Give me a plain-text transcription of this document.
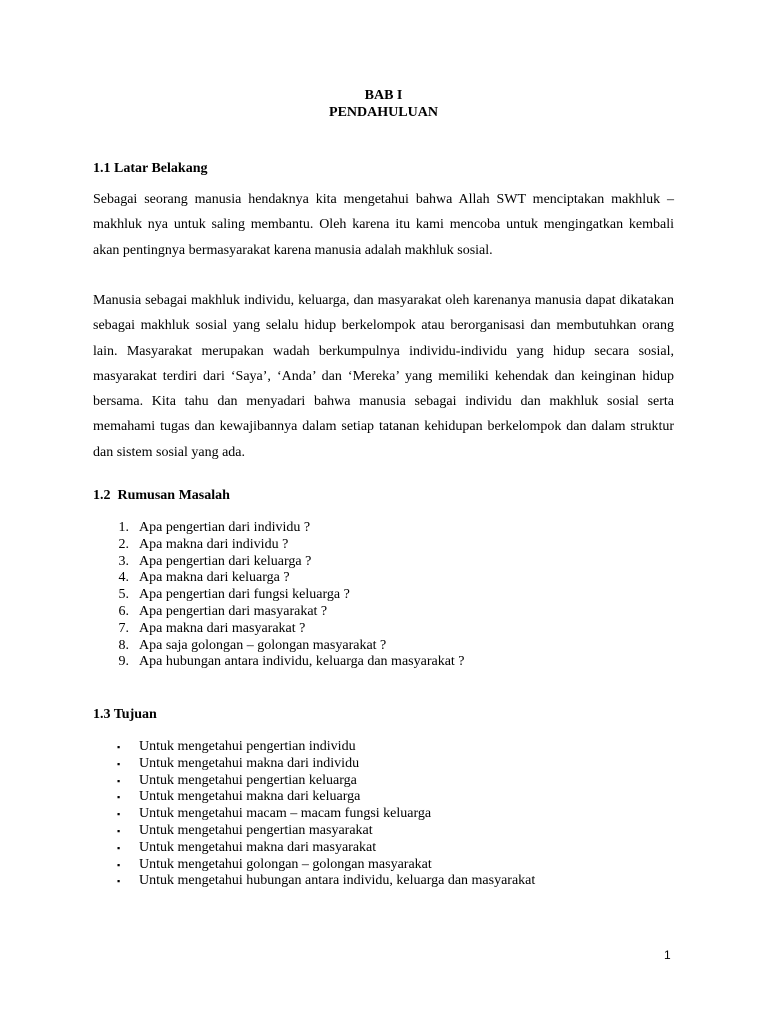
BAB I
PENDAHULUAN
1.1 Latar Belakang

Sebagai seorang manusia hendaknya kita mengetahui bahwa Allah SWT menciptakan makhluk – makhluk nya untuk saling membantu. Oleh karena itu kami mencoba untuk mengingatkan kembali akan pentingnya bermasyarakat karena manusia adalah makhluk sosial.

Manusia sebagai makhluk individu, keluarga, dan masyarakat oleh karenanya manusia dapat dikatakan sebagai makhluk sosial yang selalu hidup berkelompok atau berorganisasi dan membutuhkan orang lain. Masyarakat merupakan wadah berkumpulnya individu-individu yang hidup secara sosial, masyarakat terdiri dari ‘Saya’, ‘Anda’ dan ‘Mereka’ yang memiliki kehendak dan keinginan hidup bersama. Kita tahu dan menyadari bahwa manusia sebagai individu dan makhluk sosial serta memahami tugas dan kewajibannya dalam setiap tatanan kehidupan berkelompok dan dalam struktur dan sistem sosial yang ada.

1.2  Rumusan Masalah
1. Apa pengertian dari individu ?
2. Apa makna dari individu ?
3. Apa pengertian dari keluarga ?
4. Apa makna dari keluarga ?
5. Apa pengertian dari fungsi keluarga ?
6. Apa pengertian dari masyarakat ?
7. Apa makna dari masyarakat ?
8. Apa saja golongan – golongan masyarakat ?
9. Apa hubungan antara individu, keluarga dan masyarakat ?
1.3 Tujuan
▪	Untuk mengetahui pengertian individu
▪	Untuk mengetahui makna dari individu
▪	Untuk mengetahui pengertian keluarga
▪	Untuk mengetahui makna dari keluarga
▪	Untuk mengetahui macam – macam fungsi keluarga
▪	Untuk mengetahui pengertian masyarakat
▪	Untuk mengetahui makna dari masyarakat
▪	Untuk mengetahui golongan – golongan masyarakat
▪	Untuk mengetahui hubungan antara individu, keluarga dan masyarakat
1
